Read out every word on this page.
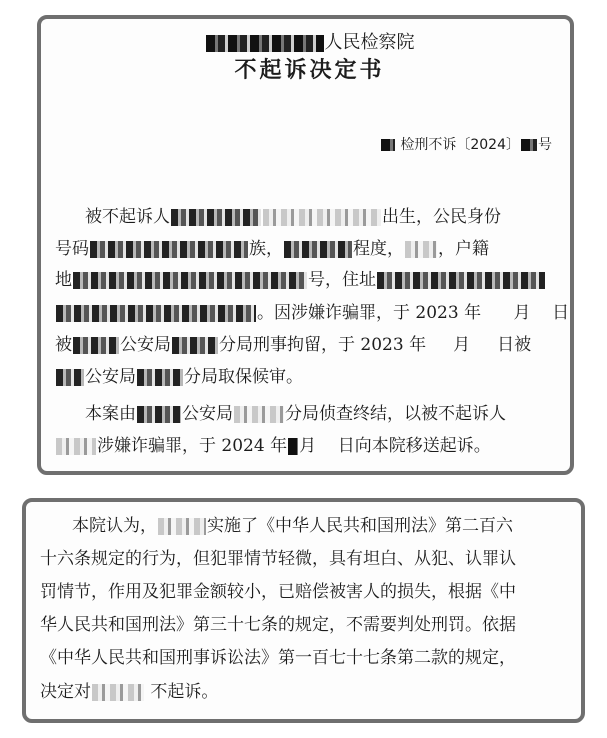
人民检察院
不起诉决定书
检刑不诉〔2024〕 号
被不起诉人	出生，公民身份
号码	族，	程度， ，户籍
地	号，住址
。因涉嫌诈骗罪，于 2023 年 月 日
被	公安局	分局刑事拘留，于 2023 年 月 日被
公安局	分局取保候审。
本案由	公安局	分局侦查终结，以被不起诉人
涉嫌诈骗罪，于 2024 年 月 日向本院移送起诉。
本院认为，	实施了《中华人民共和国刑法》第二百六
十六条规定的行为，但犯罪情节轻微，具有坦白、从犯、认罪认
罚情节，作用及犯罪金额较小，已赔偿被害人的损失，根据《中
华人民共和国刑法》第三十七条的规定，不需要判处刑罚。依据
《中华人民共和国刑事诉讼法》第一百七十七条第二款的规定，
决定对	不起诉。
